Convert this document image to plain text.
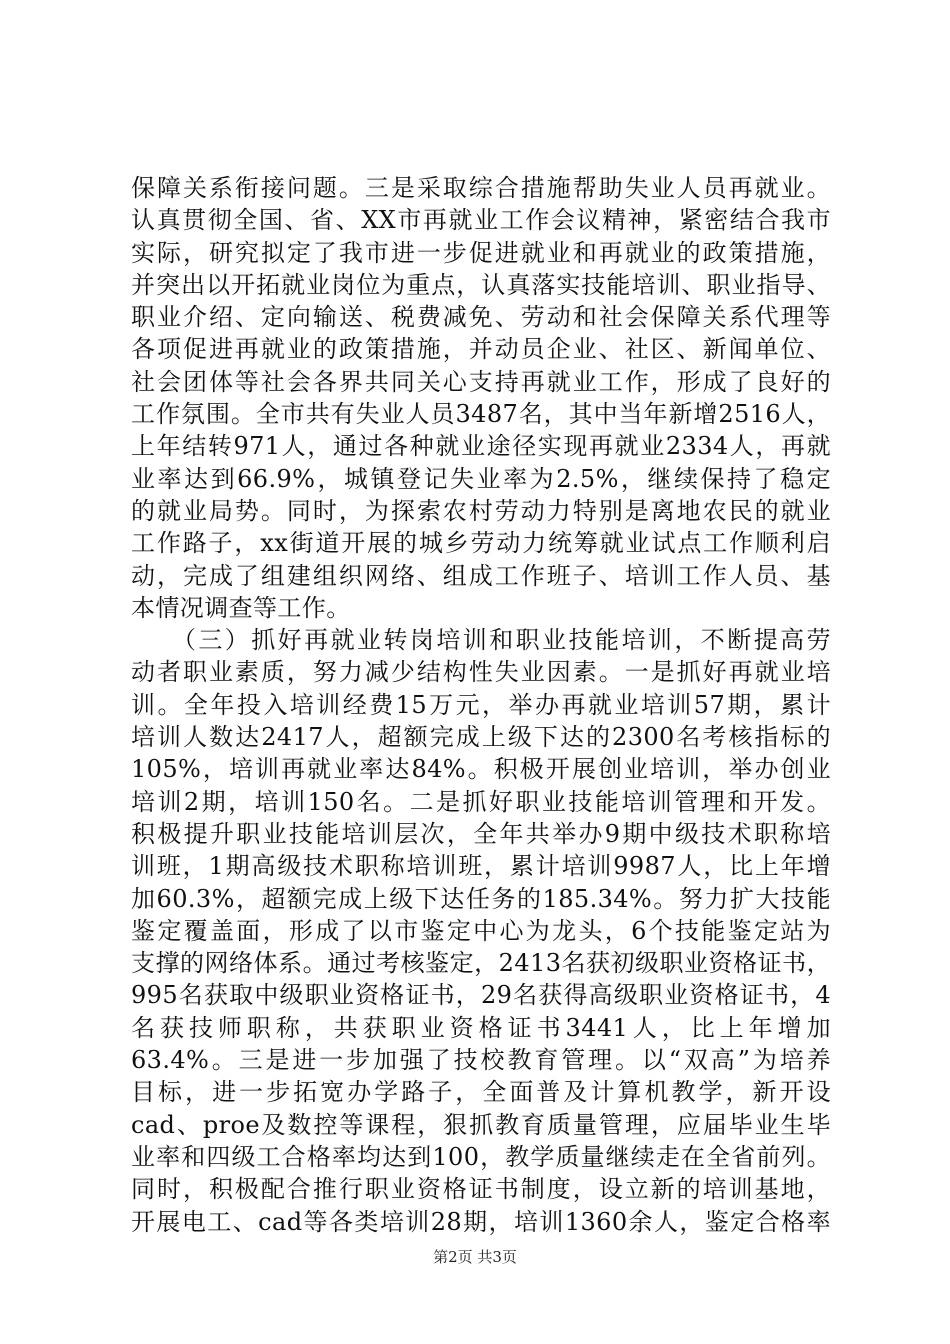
保障关系衔接问题。三是采取综合措施帮助失业人员再就业。
认真贯彻全国、省、XX市再就业工作会议精神，紧密结合我市
实际，研究拟定了我市进一步促进就业和再就业的政策措施，
并突出以开拓就业岗位为重点，认真落实技能培训、职业指导、
职业介绍、定向输送、税费减免、劳动和社会保障关系代理等
各项促进再就业的政策措施，并动员企业、社区、新闻单位、
社会团体等社会各界共同关心支持再就业工作，形成了良好的
工作氛围。全市共有失业人员3487名，其中当年新增2516人，
上年结转971人，通过各种就业途径实现再就业2334人，再就
业率达到66.9%，城镇登记失业率为2.5%，继续保持了稳定
的就业局势。同时，为探索农村劳动力特别是离地农民的就业
工作路子，xx街道开展的城乡劳动力统筹就业试点工作顺利启
动，完成了组建组织网络、组成工作班子、培训工作人员、基
本情况调查等工作。
　　（三）抓好再就业转岗培训和职业技能培训，不断提高劳
动者职业素质，努力减少结构性失业因素。一是抓好再就业培
训。全年投入培训经费15万元，举办再就业培训57期，累计
培训人数达2417人，超额完成上级下达的2300名考核指标的
105%，培训再就业率达84%。积极开展创业培训，举办创业
培训2期，培训150名。二是抓好职业技能培训管理和开发。
积极提升职业技能培训层次，全年共举办9期中级技术职称培
训班，1期高级技术职称培训班，累计培训9987人，比上年增
加60.3%，超额完成上级下达任务的185.34%。努力扩大技能
鉴定覆盖面，形成了以市鉴定中心为龙头，6个技能鉴定站为
支撑的网络体系。通过考核鉴定，2413名获初级职业资格证书，
995名获取中级职业资格证书，29名获得高级职业资格证书，4
名获技师职称，共获职业资格证书3441人，比上年增加
63.4%。三是进一步加强了技校教育管理。以“双高”为培养
目标，进一步拓宽办学路子，全面普及计算机教学，新开设
cad、proe及数控等课程，狠抓教育质量管理，应届毕业生毕
业率和四级工合格率均达到100，教学质量继续走在全省前列。
同时，积极配合推行职业资格证书制度，设立新的培训基地，
开展电工、cad等各类培训28期，培训1360余人，鉴定合格率
第2页 共3页
